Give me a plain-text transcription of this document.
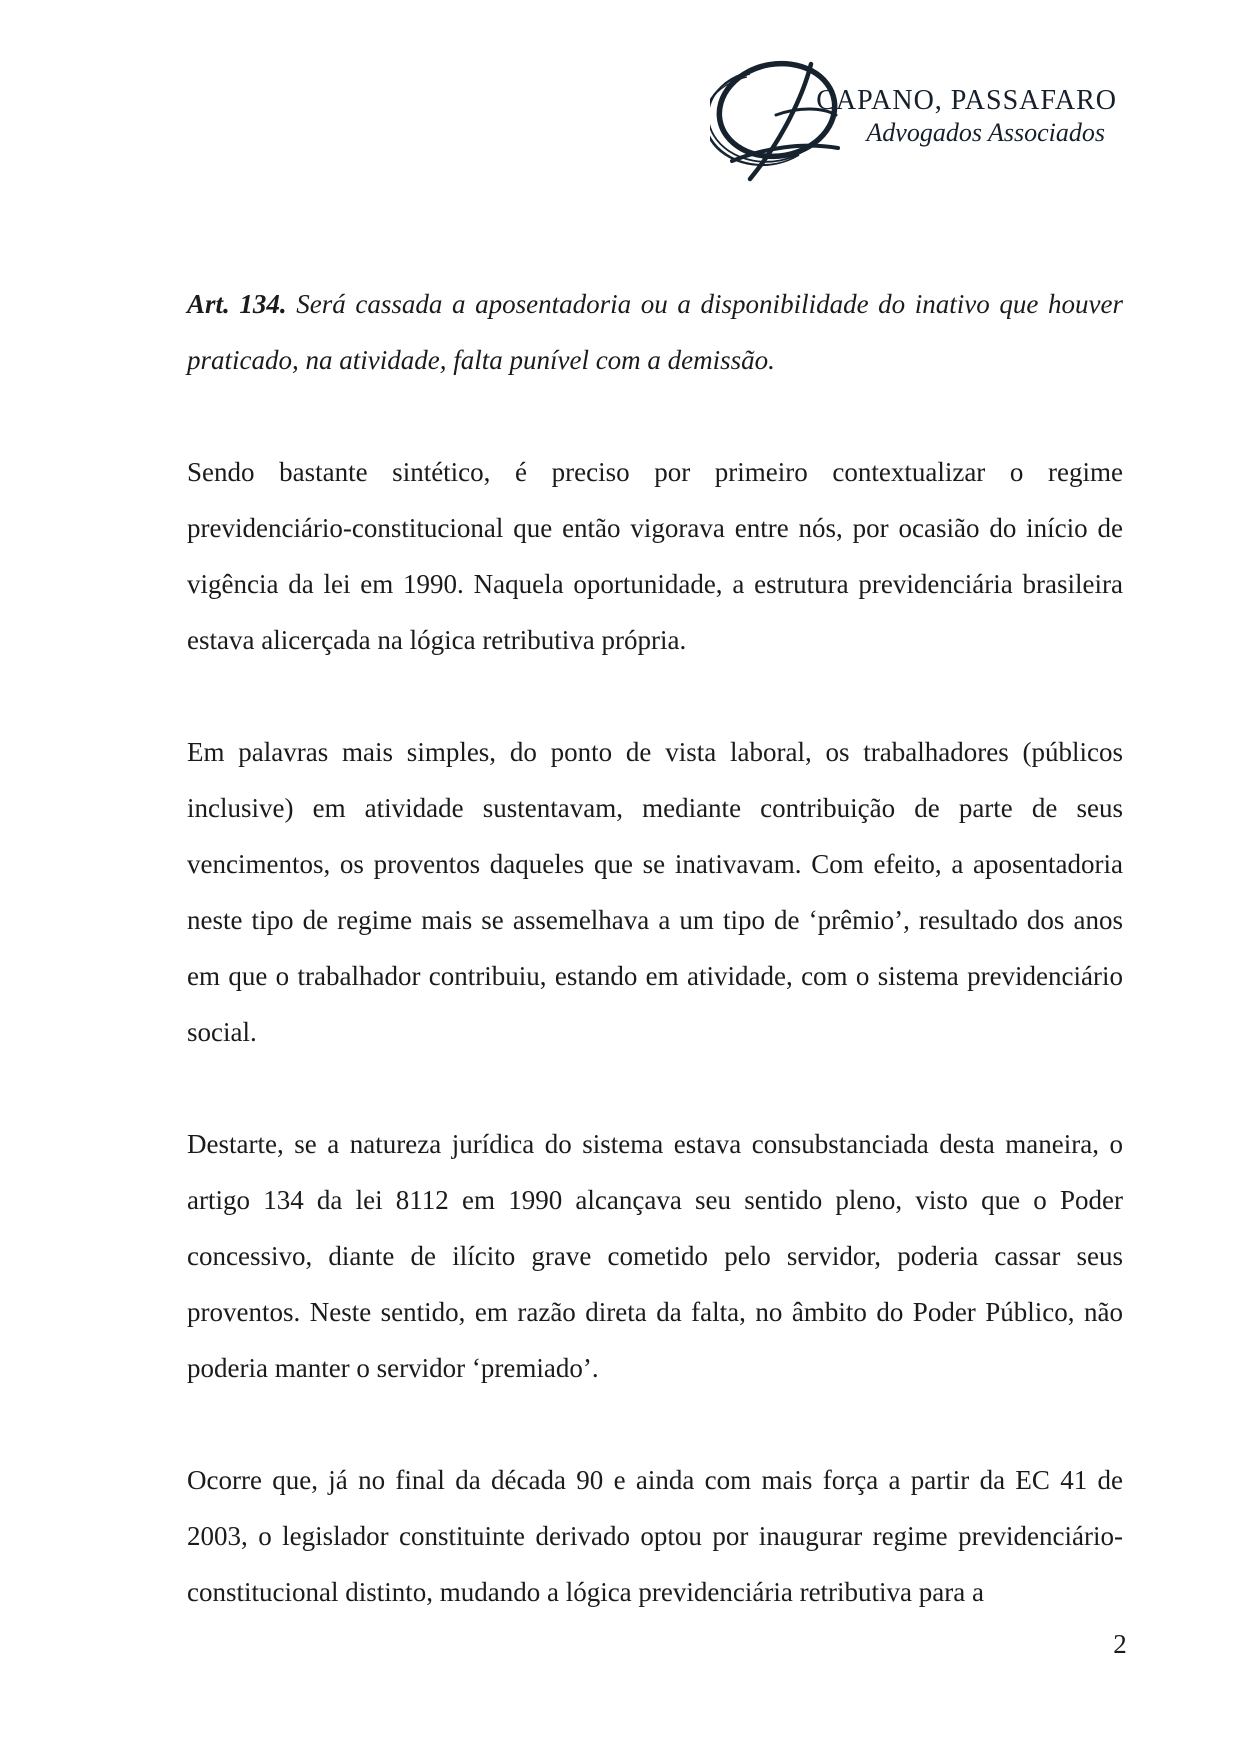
CAPANO, PASSAFARO
Advogados Associados

Art. 134. Será cassada a aposentadoria ou a disponibilidade do inativo que houver praticado, na atividade, falta punível com a demissão.

Sendo bastante sintético, é preciso por primeiro contextualizar o regime previdenciário-constitucional que então vigorava entre nós, por ocasião do início de vigência da lei em 1990. Naquela oportunidade, a estrutura previdenciária brasileira estava alicerçada na lógica retributiva própria.

Em palavras mais simples, do ponto de vista laboral, os trabalhadores (públicos inclusive) em atividade sustentavam, mediante contribuição de parte de seus vencimentos, os proventos daqueles que se inativavam. Com efeito, a aposentadoria neste tipo de regime mais se assemelhava a um tipo de ‘prêmio’, resultado dos anos em que o trabalhador contribuiu, estando em atividade, com o sistema previdenciário social.

Destarte, se a natureza jurídica do sistema estava consubstanciada desta maneira, o artigo 134 da lei 8112 em 1990 alcançava seu sentido pleno, visto que o Poder concessivo, diante de ilícito grave cometido pelo servidor, poderia cassar seus proventos. Neste sentido, em razão direta da falta, no âmbito do Poder Público, não poderia manter o servidor ‘premiado’.

Ocorre que, já no final da década 90 e ainda com mais força a partir da EC 41 de 2003, o legislador constituinte derivado optou por inaugurar regime previdenciário-constitucional distinto, mudando a lógica previdenciária retributiva para a

2
